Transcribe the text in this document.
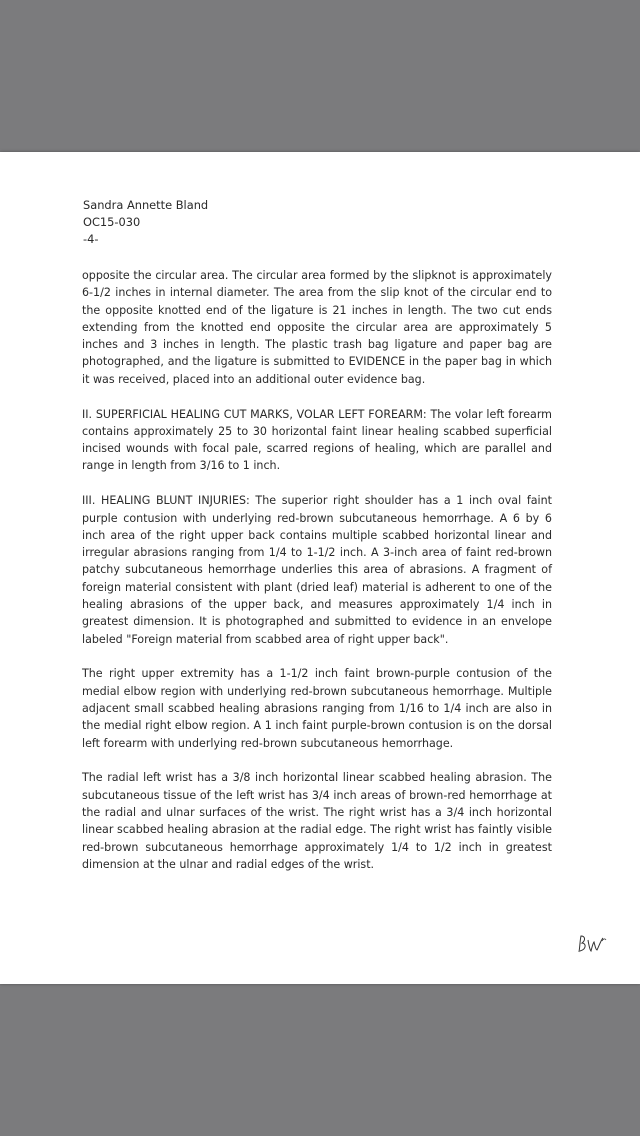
Sandra Annette Bland
OC15-030
-4-

opposite the circular area. The circular area formed by the slipknot is approximately 6-1/2 inches in internal diameter. The area from the slip knot of the circular end to the opposite knotted end of the ligature is 21 inches in length. The two cut ends extending from the knotted end opposite the circular area are approximately 5 inches and 3 inches in length. The plastic trash bag ligature and paper bag are photographed, and the ligature is submitted to EVIDENCE in the paper bag in which it was received, placed into an additional outer evidence bag.

II. SUPERFICIAL HEALING CUT MARKS, VOLAR LEFT FOREARM: The volar left forearm contains approximately 25 to 30 horizontal faint linear healing scabbed superficial incised wounds with focal pale, scarred regions of healing, which are parallel and range in length from 3/16 to 1 inch.

III. HEALING BLUNT INJURIES: The superior right shoulder has a 1 inch oval faint purple contusion with underlying red-brown subcutaneous hemorrhage. A 6 by 6 inch area of the right upper back contains multiple scabbed horizontal linear and irregular abrasions ranging from 1/4 to 1-1/2 inch. A 3-inch area of faint red-brown patchy subcutaneous hemorrhage underlies this area of abrasions. A fragment of foreign material consistent with plant (dried leaf) material is adherent to one of the healing abrasions of the upper back, and measures approximately 1/4 inch in greatest dimension. It is photographed and submitted to evidence in an envelope labeled "Foreign material from scabbed area of right upper back".

The right upper extremity has a 1-1/2 inch faint brown-purple contusion of the medial elbow region with underlying red-brown subcutaneous hemorrhage. Multiple adjacent small scabbed healing abrasions ranging from 1/16 to 1/4 inch are also in the medial right elbow region. A 1 inch faint purple-brown contusion is on the dorsal left forearm with underlying red-brown subcutaneous hemorrhage.

The radial left wrist has a 3/8 inch horizontal linear scabbed healing abrasion. The subcutaneous tissue of the left wrist has 3/4 inch areas of brown-red hemorrhage at the radial and ulnar surfaces of the wrist. The right wrist has a 3/4 inch horizontal linear scabbed healing abrasion at the radial edge. The right wrist has faintly visible red-brown subcutaneous hemorrhage approximately 1/4 to 1/2 inch in greatest dimension at the ulnar and radial edges of the wrist.
